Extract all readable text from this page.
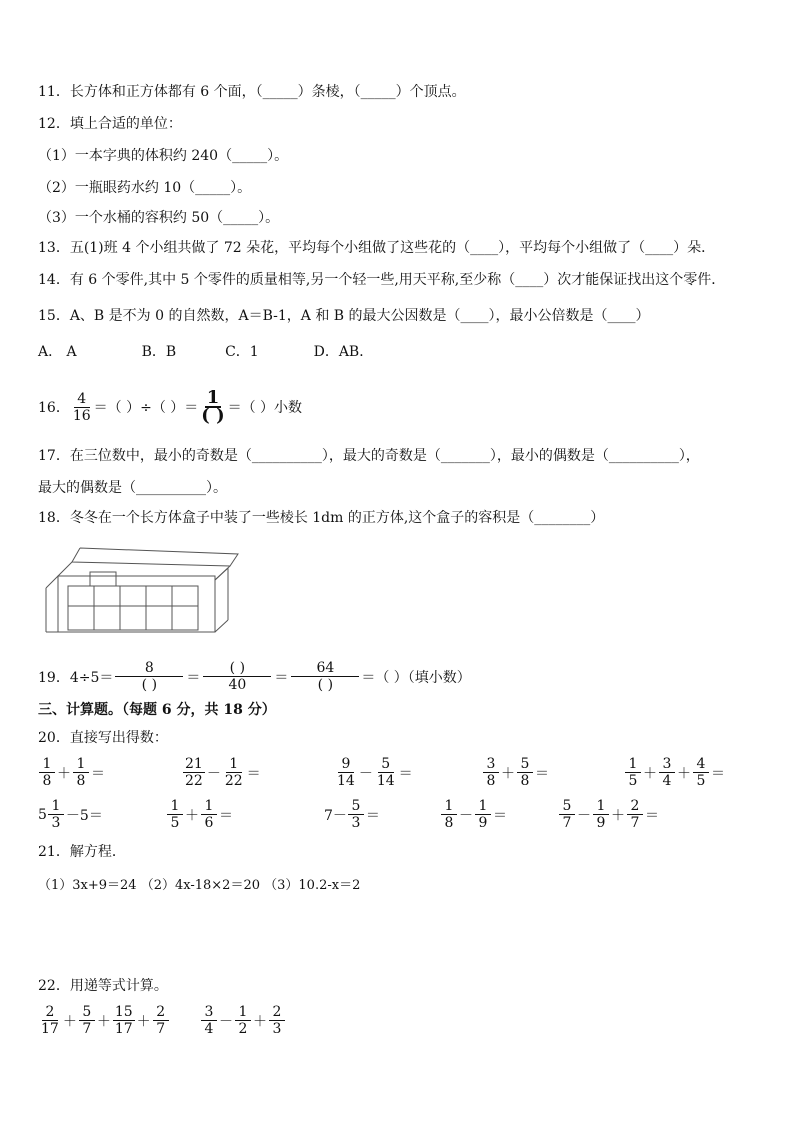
11．长方体和正方体都有 6 个面，（_____）条棱，（_____）个顶点。
12．填上合适的单位：
（1）一本字典的体积约 240（_____）。
（2）一瓶眼药水约 10（_____）。
（3）一个水桶的容积约 50（_____）。
13．五(1)班 4 个小组共做了 72 朵花，平均每个小组做了这些花的（____），平均每个小组做了（____）朵．
14．有 6 个零件,其中 5 个零件的质量相等,另一个轻一些,用天平称,至少称（____）次才能保证找出这个零件．
15．A、B 是不为 0 的自然数，A＝B-1，A 和 B 的最大公因数是（____），最小公倍数是（____）
A． A	B．B	C．1	D．AB．
16． $\frac{4}{16}$ ＝（ ）÷（ ）＝ $\frac{1}{( )}$ ＝（ ）小数
17．在三位数中，最小的奇数是（__________），最大的奇数是（_______），最小的偶数是（__________），
最大的偶数是（__________）。
18．冬冬在一个长方体盒子中装了一些棱长 1dm 的正方体,这个盒子的容积是（________）
19．$4\div 5= \frac{8}{( )} = \frac{( )}{40} = \frac{64}{( )}$ ＝（ ）（填小数）
三、计算题。（每题 6 分，共 18 分）
20．直接写出得数：
$\frac{1}{8} + \frac{1}{8}$ ＝	$\frac{21}{22} - \frac{1}{22}$ ＝	$\frac{9}{14} - \frac{5}{14}$ ＝	$\frac{3}{8} + \frac{5}{8}$ ＝	$\frac{1}{5} + \frac{3}{4} + \frac{4}{5}$ ＝
$5 \frac{1}{3} -5=$	$\frac{1}{5} + \frac{1}{6}$ ＝	$7- \frac{5}{3}$ ＝	$\frac{1}{8} - \frac{1}{9}$ ＝	$\frac{5}{7} - \frac{1}{9} + \frac{2}{7}$ ＝
21．解方程．
（1）3x+9＝24 （2）4x-18×2＝20 （3）10.2-x＝2
22．用递等式计算。
$\frac{2}{17} + \frac{5}{7} + \frac{15}{17} + \frac{2}{7} \frac{3}{4} - \frac{1}{2} + \frac{2}{3}$
